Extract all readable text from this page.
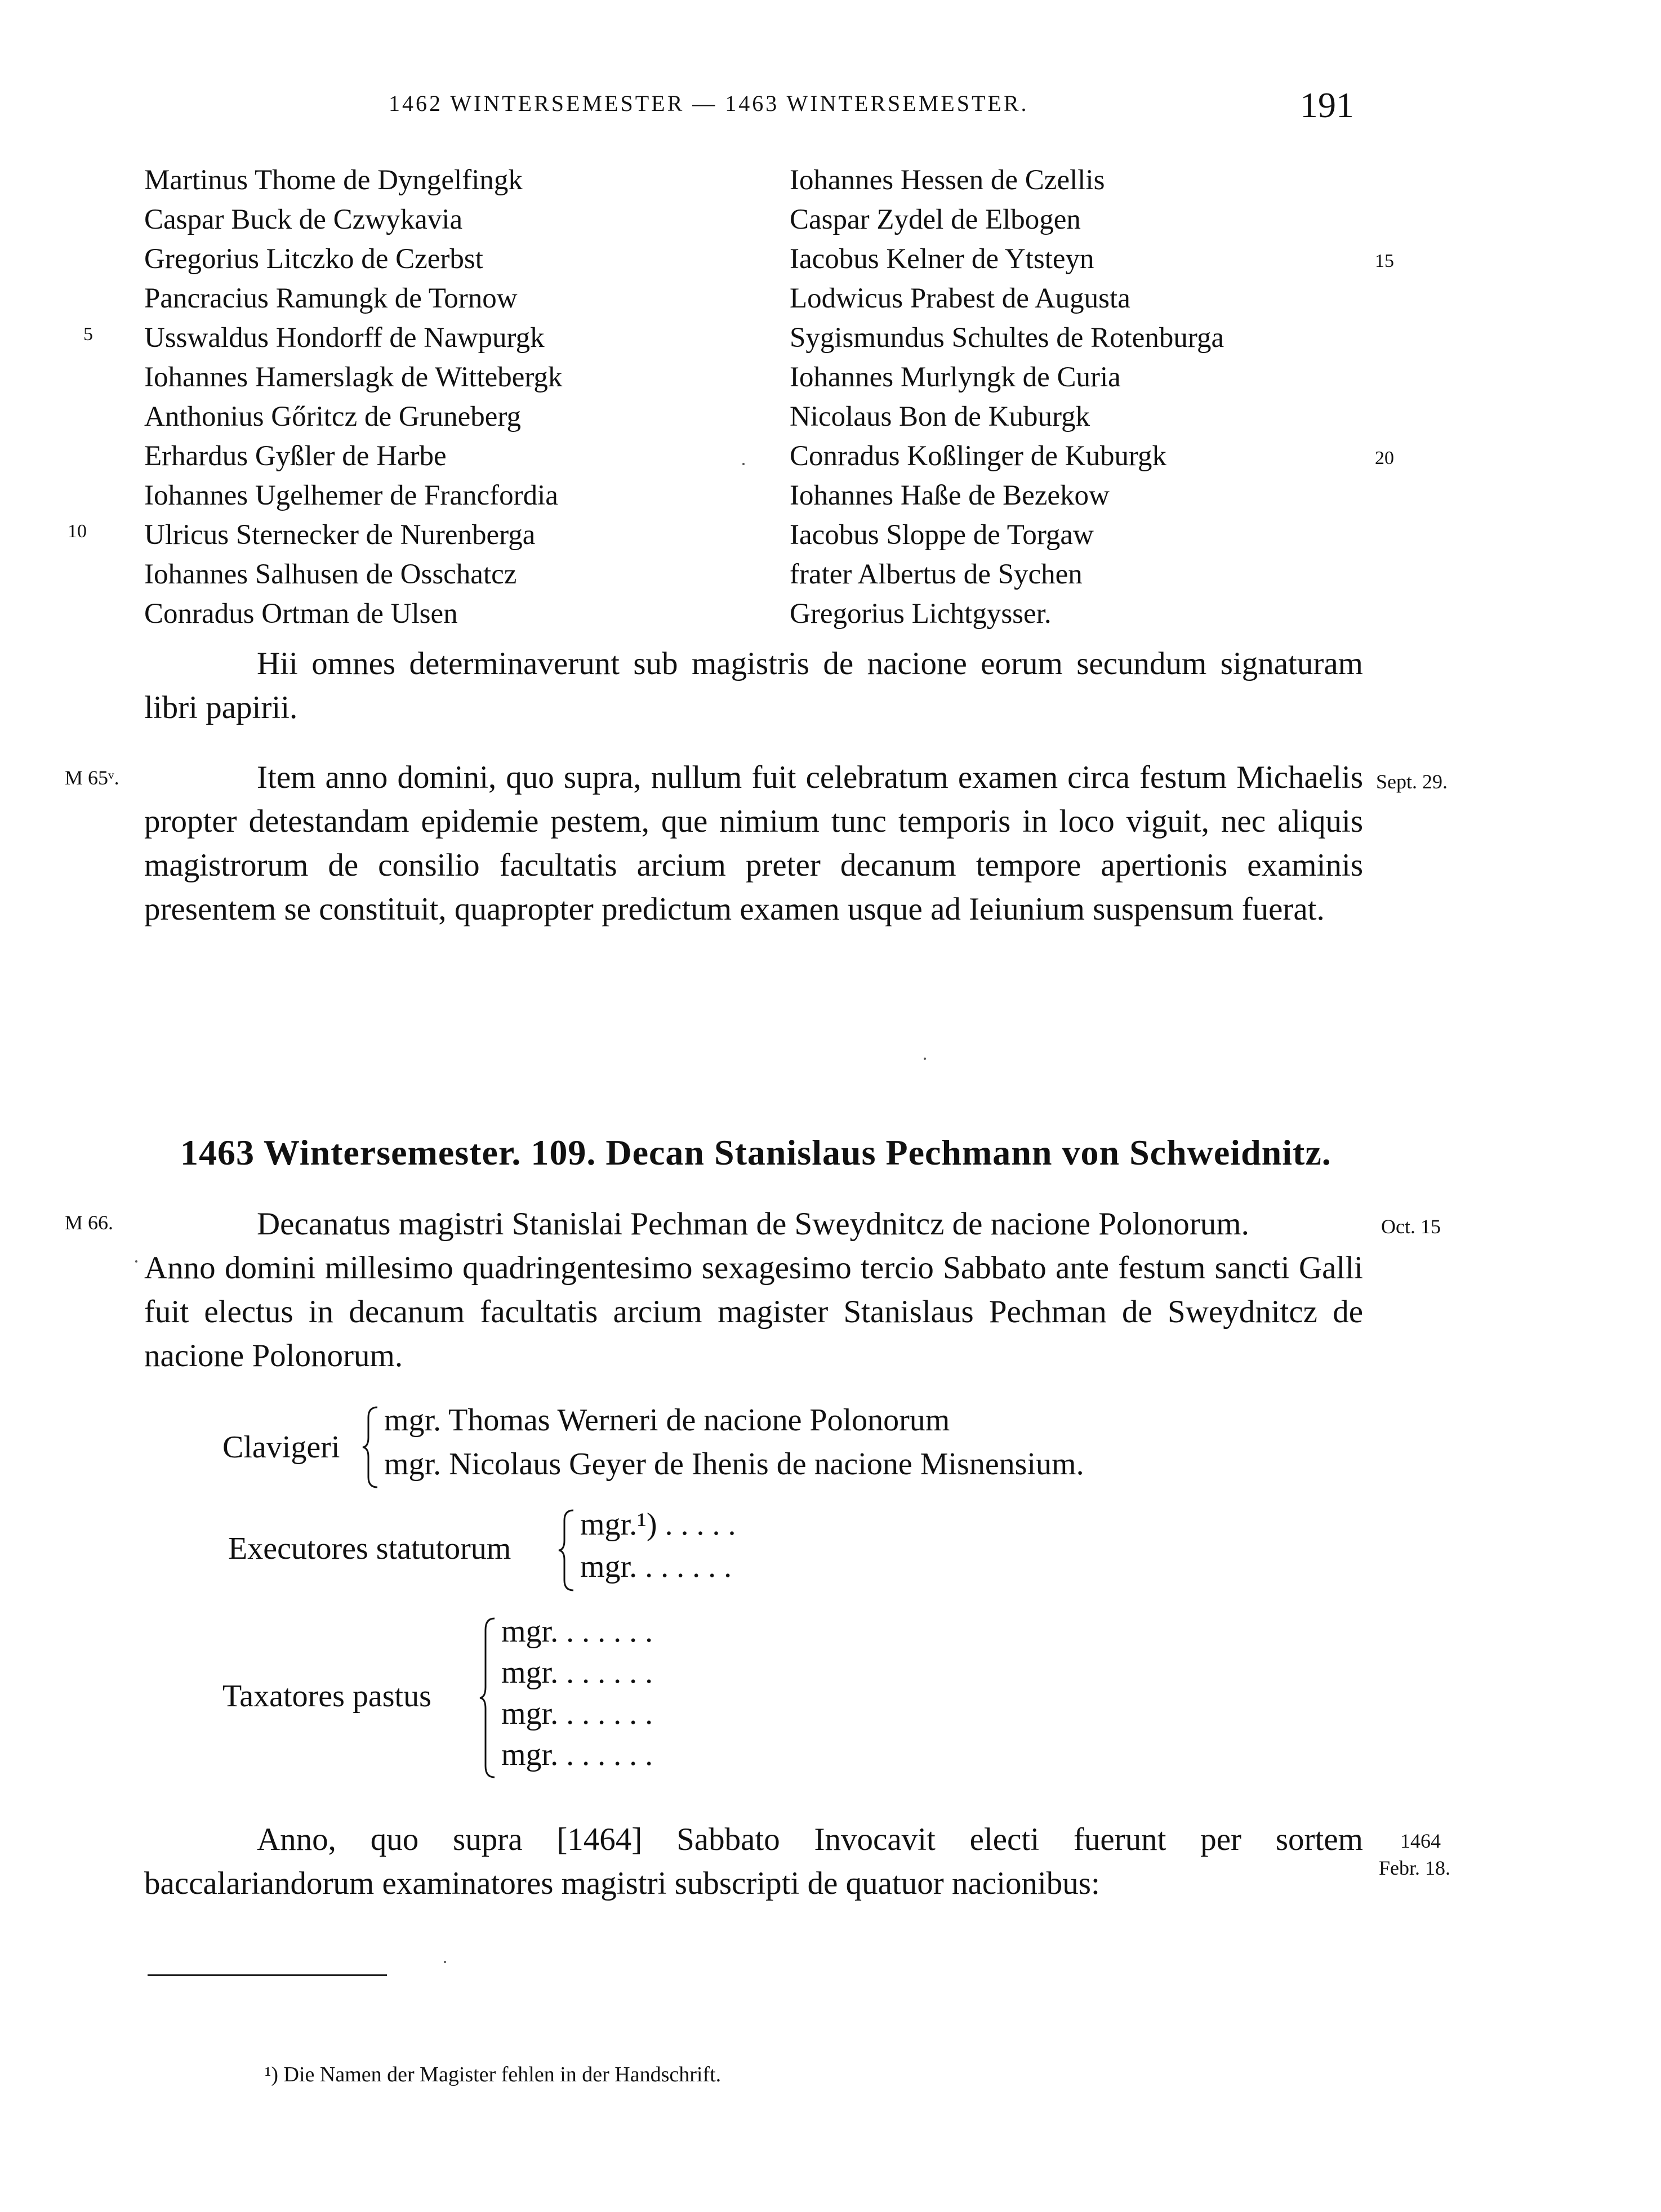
1462 WINTERSEMESTER — 1463 WINTERSEMESTER.	191
Martinus Thome de Dyngelfingk
Caspar Buck de Czwykavia
Gregorius Litczko de Czerbst
Pancracius Ramungk de Tornow
Usswaldus Hondorff de Nawpurgk
Iohannes Hamerslagk de Wittebergk
Anthonius Gőritcz de Gruneberg
Erhardus Gyßler de Harbe
Iohannes Ugelhemer de Francfordia
Ulricus Sternecker de Nurenberga
Iohannes Salhusen de Osschatcz
Conradus Ortman de Ulsen
Iohannes Hessen de Czellis
Caspar Zydel de Elbogen
Iacobus Kelner de Ytsteyn
Lodwicus Prabest de Augusta
Sygismundus Schultes de Rotenburga
Iohannes Murlyngk de Curia
Nicolaus Bon de Kuburgk
Conradus Koßlinger de Kuburgk
Iohannes Haße de Bezekow
Iacobus Sloppe de Torgaw
frater Albertus de Sychen
Gregorius Lichtgysser.
5
10
15
20

Hii omnes determinaverunt sub magistris de nacione eorum secundum signaturam libri papirii.

M 65ᵛ.	Sept. 29.

Item anno domini, quo supra, nullum fuit celebratum examen circa festum Michaelis propter detestandam epidemie pestem, que nimium tunc temporis in loco viguit, nec aliquis magistrorum de consilio facultatis arcium preter decanum tempore apertionis examinis presentem se constituit, quapropter predictum examen usque ad Ieiunium suspensum fuerat.

1463 Wintersemester. 109. Decan Stanislaus Pechmann von Schweidnitz.
M 66.	Oct. 15

Decanatus magistri Stanislai Pechman de Sweydnitcz de nacione Polonorum.

Anno domini millesimo quadringentesimo sexagesimo tercio Sabbato ante festum sancti Galli fuit electus in decanum facultatis arcium magister Stanislaus Pechman de Sweydnitcz de nacione Polonorum.

Clavigeri
mgr. Thomas Werneri de nacione Polonorum
mgr. Nicolaus Geyer de Ihenis de nacione Misnensium.
Executores statutorum
mgr.¹) . . . . .
mgr. . . . . . .
Taxatores pastus
mgr. . . . . . .
mgr. . . . . . .
mgr. . . . . . .
mgr. . . . . . .
1464
Febr. 18.

Anno, quo supra [1464] Sabbato Invocavit electi fuerunt per sortem baccalariandorum examinatores magistri subscripti de quatuor nacionibus:

¹) Die Namen der Magister fehlen in der Handschrift.
